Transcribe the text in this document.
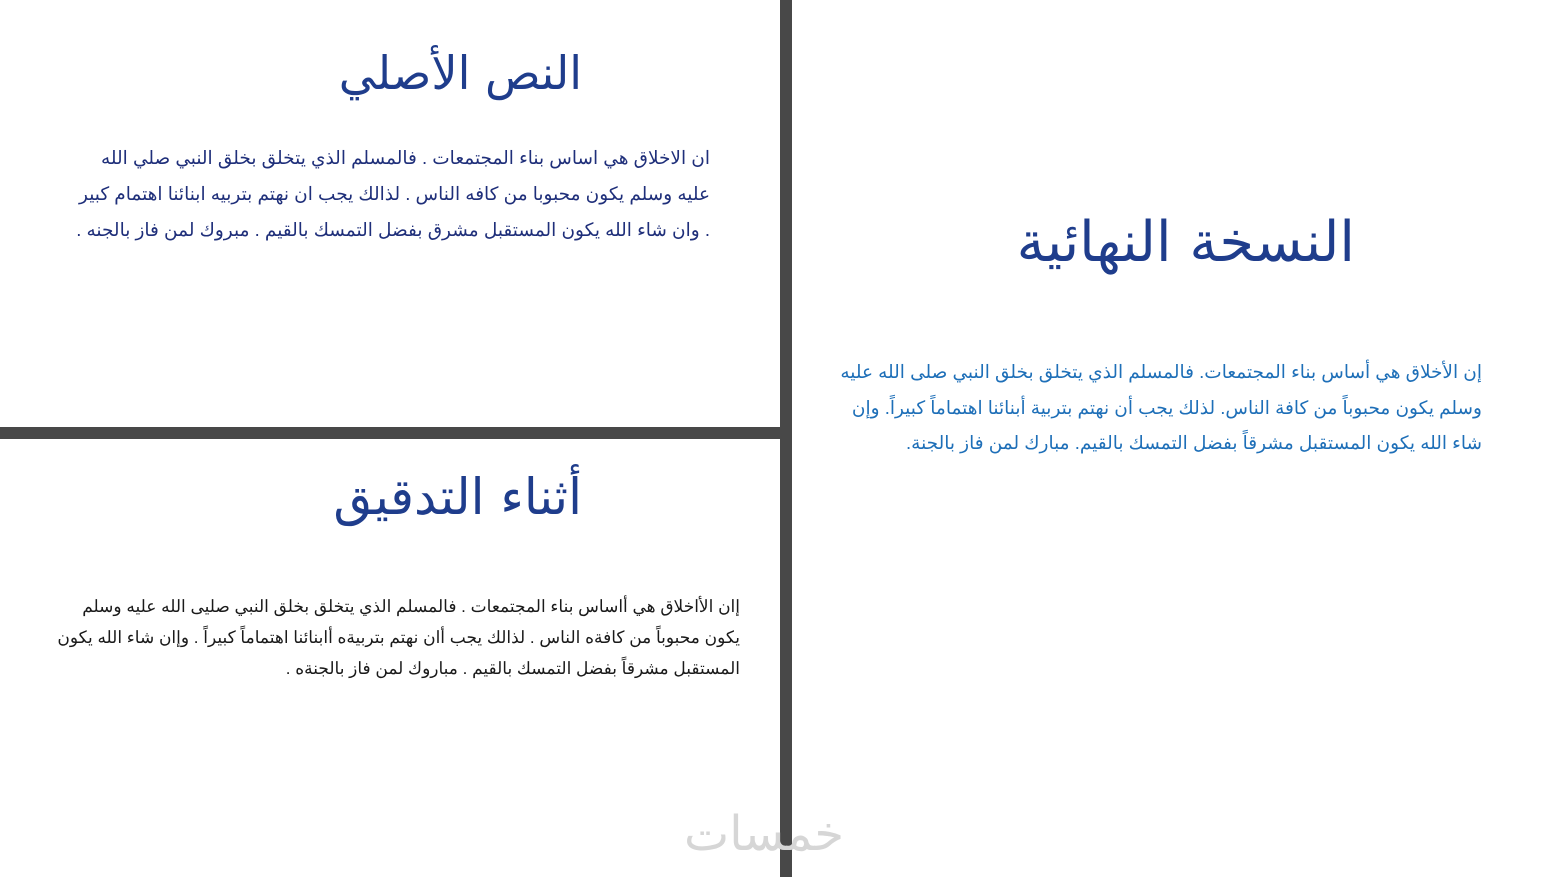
النص الأصلي

ان الاخلاق هي اساس بناء المجتمعات . فالمسلم الذي يتخلق بخلق النبي صلي الله عليه وسلم يكون محبوبا من كافه الناس . لذالك يجب ان نهتم بتربيه ابنائنا اهتمام كبير . وان شاء الله يكون المستقبل مشرق بفضل التمسك بالقيم . مبروك لمن فاز بالجنه .

أثناء التدقيق

إان الأاخلاق هي أاساس بناء المجتمعات . فالمسلم الذي يتخلق بخلق النبي صليى الله عليه وسلم يكون محبوباً من كافةه الناس . لذالك يجب أان نهتم بتربيةه أابنائنا اهتماماً كبيراً . وإان شاء الله يكون المستقبل مشرقاً بفضل التمسك بالقيم . مباروك لمن فاز بالجنةه .

النسخة النهائية

إن الأخلاق هي أساس بناء المجتمعات. فالمسلم الذي يتخلق بخلق النبي صلى الله عليه وسلم يكون محبوباً من كافة الناس. لذلك يجب أن نهتم بتربية أبنائنا اهتماماً كبيراً. وإن شاء الله يكون المستقبل مشرقاً بفضل التمسك بالقيم. مبارك لمن فاز بالجنة.

خمسات
